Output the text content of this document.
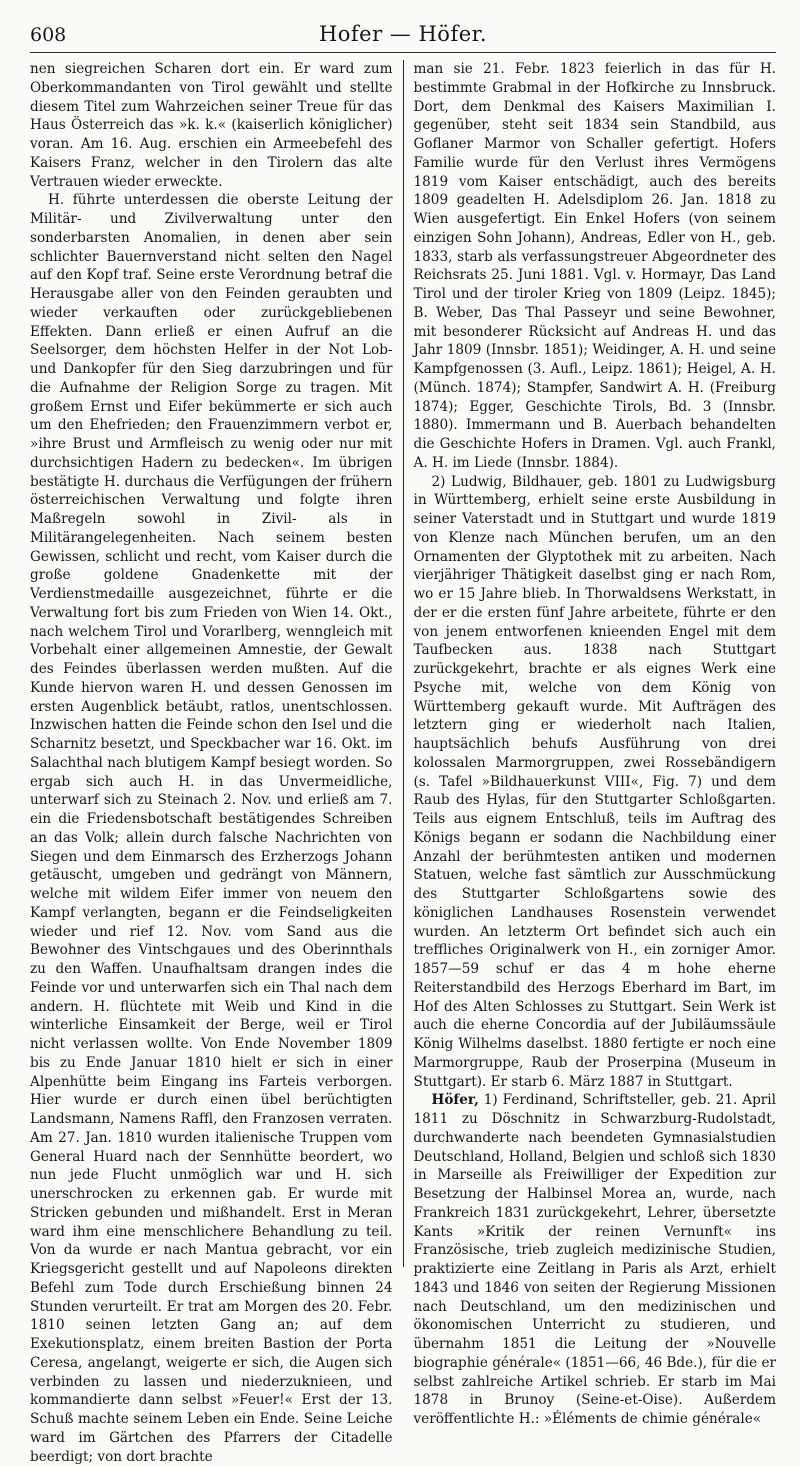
608	Hofer — Höfer.

nen siegreichen Scharen dort ein. Er ward zum Oberkommandanten von Tirol gewählt und stellte diesem Titel zum Wahrzeichen seiner Treue für das Haus Österreich das »k. k.« (kaiserlich königlicher) voran. Am 16. Aug. erschien ein Armeebefehl des Kaisers Franz, welcher in den Tirolern das alte Vertrauen wieder erweckte.

H. führte unterdessen die oberste Leitung der Militär- und Zivilverwaltung unter den sonderbarsten Anomalien, in denen aber sein schlichter Bauernverstand nicht selten den Nagel auf den Kopf traf. Seine erste Verordnung betraf die Herausgabe aller von den Feinden geraubten und wieder verkauften oder zurückgebliebenen Effekten. Dann erließ er einen Aufruf an die Seelsorger, dem höchsten Helfer in der Not Lob- und Dankopfer für den Sieg darzubringen und für die Aufnahme der Religion Sorge zu tragen. Mit großem Ernst und Eifer bekümmerte er sich auch um den Ehefrieden; den Frauenzimmern verbot er, »ihre Brust und Armfleisch zu wenig oder nur mit durchsichtigen Hadern zu bedecken«. Im übrigen bestätigte H. durchaus die Verfügungen der frühern österreichischen Verwaltung und folgte ihren Maßregeln sowohl in Zivil- als in Militärangelegenheiten. Nach seinem besten Gewissen, schlicht und recht, vom Kaiser durch die große goldene Gnadenkette mit der Verdienstmedaille ausgezeichnet, führte er die Verwaltung fort bis zum Frieden von Wien 14. Okt., nach welchem Tirol und Vorarlberg, wenngleich mit Vorbehalt einer allgemeinen Amnestie, der Gewalt des Feindes überlassen werden mußten. Auf die Kunde hiervon waren H. und dessen Genossen im ersten Augenblick betäubt, ratlos, unentschlossen. Inzwischen hatten die Feinde schon den Isel und die Scharnitz besetzt, und Speckbacher war 16. Okt. im Salachthal nach blutigem Kampf besiegt worden. So ergab sich auch H. in das Unvermeidliche, unterwarf sich zu Steinach 2. Nov. und erließ am 7. ein die Friedensbotschaft bestätigendes Schreiben an das Volk; allein durch falsche Nachrichten von Siegen und dem Einmarsch des Erzherzogs Johann getäuscht, umgeben und gedrängt von Männern, welche mit wildem Eifer immer von neuem den Kampf verlangten, begann er die Feindseligkeiten wieder und rief 12. Nov. vom Sand aus die Bewohner des Vintschgaues und des Oberinnthals zu den Waffen. Unaufhaltsam drangen indes die Feinde vor und unterwarfen sich ein Thal nach dem andern. H. flüchtete mit Weib und Kind in die winterliche Einsamkeit der Berge, weil er Tirol nicht verlassen wollte. Von Ende November 1809 bis zu Ende Januar 1810 hielt er sich in einer Alpenhütte beim Eingang ins Farteis verborgen. Hier wurde er durch einen übel berüchtigten Landsmann, Namens Raffl, den Franzosen verraten. Am 27. Jan. 1810 wurden italienische Truppen vom General Huard nach der Sennhütte beordert, wo nun jede Flucht unmöglich war und H. sich unerschrocken zu erkennen gab. Er wurde mit Stricken gebunden und mißhandelt. Erst in Meran ward ihm eine menschlichere Behandlung zu teil. Von da wurde er nach Mantua gebracht, vor ein Kriegsgericht gestellt und auf Napoleons direkten Befehl zum Tode durch Erschießung binnen 24 Stunden verurteilt. Er trat am Morgen des 20. Febr. 1810 seinen letzten Gang an; auf dem Exekutionsplatz, einem breiten Bastion der Porta Ceresa, angelangt, weigerte er sich, die Augen sich verbinden zu lassen und niederzuknieen, und kommandierte dann selbst »Feuer!« Erst der 13. Schuß machte seinem Leben ein Ende. Seine Leiche ward im Gärtchen des Pfarrers der Citadelle beerdigt; von dort brachte

man sie 21. Febr. 1823 feierlich in das für H. bestimmte Grabmal in der Hofkirche zu Innsbruck. Dort, dem Denkmal des Kaisers Maximilian I. gegenüber, steht seit 1834 sein Standbild, aus Goflaner Marmor von Schaller gefertigt. Hofers Familie wurde für den Verlust ihres Vermögens 1819 vom Kaiser entschädigt, auch des bereits 1809 geadelten H. Adelsdiplom 26. Jan. 1818 zu Wien ausgefertigt. Ein Enkel Hofers (von seinem einzigen Sohn Johann), Andreas, Edler von H., geb. 1833, starb als verfassungstreuer Abgeordneter des Reichsrats 25. Juni 1881. Vgl. v. Hormayr, Das Land Tirol und der tiroler Krieg von 1809 (Leipz. 1845); B. Weber, Das Thal Passeyr und seine Bewohner, mit besonderer Rücksicht auf Andreas H. und das Jahr 1809 (Innsbr. 1851); Weidinger, A. H. und seine Kampfgenossen (3. Aufl., Leipz. 1861); Heigel, A. H. (Münch. 1874); Stampfer, Sandwirt A. H. (Freiburg 1874); Egger, Geschichte Tirols, Bd. 3 (Innsbr. 1880). Immermann und B. Auerbach behandelten die Geschichte Hofers in Dramen. Vgl. auch Frankl, A. H. im Liede (Innsbr. 1884).

2) Ludwig, Bildhauer, geb. 1801 zu Ludwigsburg in Württemberg, erhielt seine erste Ausbildung in seiner Vaterstadt und in Stuttgart und wurde 1819 von Klenze nach München berufen, um an den Ornamenten der Glyptothek mit zu arbeiten. Nach vierjähriger Thätigkeit daselbst ging er nach Rom, wo er 15 Jahre blieb. In Thorwaldsens Werkstatt, in der er die ersten fünf Jahre arbeitete, führte er den von jenem entworfenen knieenden Engel mit dem Taufbecken aus. 1838 nach Stuttgart zurückgekehrt, brachte er als eignes Werk eine Psyche mit, welche von dem König von Württemberg gekauft wurde. Mit Aufträgen des letztern ging er wiederholt nach Italien, hauptsächlich behufs Ausführung von drei kolossalen Marmorgruppen, zwei Rossebändigern (s. Tafel »Bildhauerkunst VIII«, Fig. 7) und dem Raub des Hylas, für den Stuttgarter Schloßgarten. Teils aus eignem Entschluß, teils im Auftrag des Königs begann er sodann die Nachbildung einer Anzahl der berühmtesten antiken und modernen Statuen, welche fast sämtlich zur Ausschmückung des Stuttgarter Schloßgartens sowie des königlichen Landhauses Rosenstein verwendet wurden. An letzterm Ort befindet sich auch ein treffliches Originalwerk von H., ein zorniger Amor. 1857—59 schuf er das 4 m hohe eherne Reiterstandbild des Herzogs Eberhard im Bart, im Hof des Alten Schlosses zu Stuttgart. Sein Werk ist auch die eherne Concordia auf der Jubiläumssäule König Wilhelms daselbst. 1880 fertigte er noch eine Marmorgruppe, Raub der Proserpina (Museum in Stuttgart). Er starb 6. März 1887 in Stuttgart.

Höfer, 1) Ferdinand, Schriftsteller, geb. 21. April 1811 zu Döschnitz in Schwarzburg-Rudolstadt, durchwanderte nach beendeten Gymnasialstudien Deutschland, Holland, Belgien und schloß sich 1830 in Marseille als Freiwilliger der Expedition zur Besetzung der Halbinsel Morea an, wurde, nach Frankreich 1831 zurückgekehrt, Lehrer, übersetzte Kants »Kritik der reinen Vernunft« ins Französische, trieb zugleich medizinische Studien, praktizierte eine Zeitlang in Paris als Arzt, erhielt 1843 und 1846 von seiten der Regierung Missionen nach Deutschland, um den medizinischen und ökonomischen Unterricht zu studieren, und übernahm 1851 die Leitung der »Nouvelle biographie générale« (1851—66, 46 Bde.), für die er selbst zahlreiche Artikel schrieb. Er starb im Mai 1878 in Brunoy (Seine-et-Oise). Außerdem veröffentlichte H.: »Éléments de chimie générale«
